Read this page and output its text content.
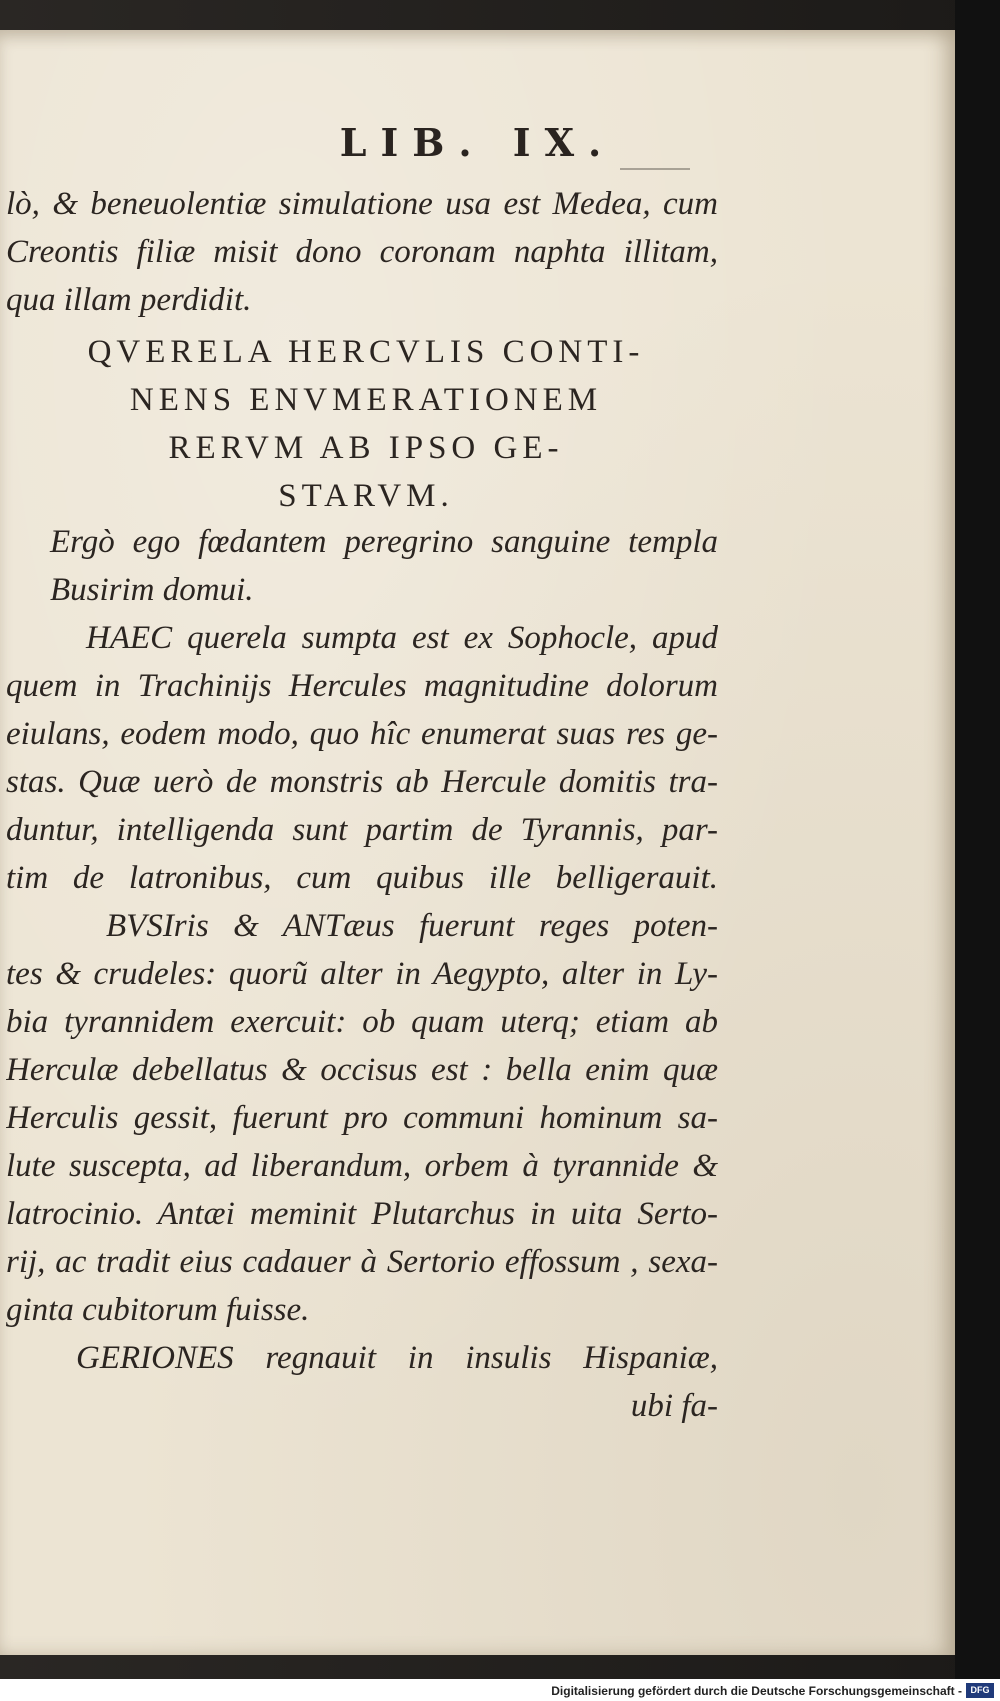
LIB. IX.
lò, & beneuolentiæ simulatione usa est Medea, cum
Creontis filiæ misit dono coronam naphta illitam,
qua illam perdidit.
QVERELA HERCVLIS CONTI-
NENS ENVMERATIONEM
RERVM AB IPSO GE-
STARVM.
Ergò ego fœdantem peregrino sanguine templa
Busirim domui.
HAEC querela sumpta est ex Sophocle, apud
quem in Trachinijs Hercules magnitudine dolorum
eiulans, eodem modo, quo hîc enumerat suas res ge-
stas. Quæ uerò de monstris ab Hercule domitis tra-
duntur, intelligenda sunt partim de Tyrannis, par-
tim de latronibus, cum quibus ille belligerauit.
BVSIris & ANTæus fuerunt reges poten-
tes & crudeles: quorũ alter in Aegypto, alter in Ly-
bia tyrannidem exercuit: ob quam uterq; etiam ab
Herculæ debellatus & occisus est : bella enim quæ
Herculis gessit, fuerunt pro communi hominum sa-
lute suscepta, ad liberandum, orbem à tyrannide &
latrocinio. Antæi meminit Plutarchus in uita Serto-
rij, ac tradit eius cadauer à Sertorio effossum , sexa-
ginta cubitorum fuisse.
GERIONES regnauit in insulis Hispaniæ,
ubi fa-
Digitalisierung gefördert durch die Deutsche Forschungsgemeinschaft - DFG
